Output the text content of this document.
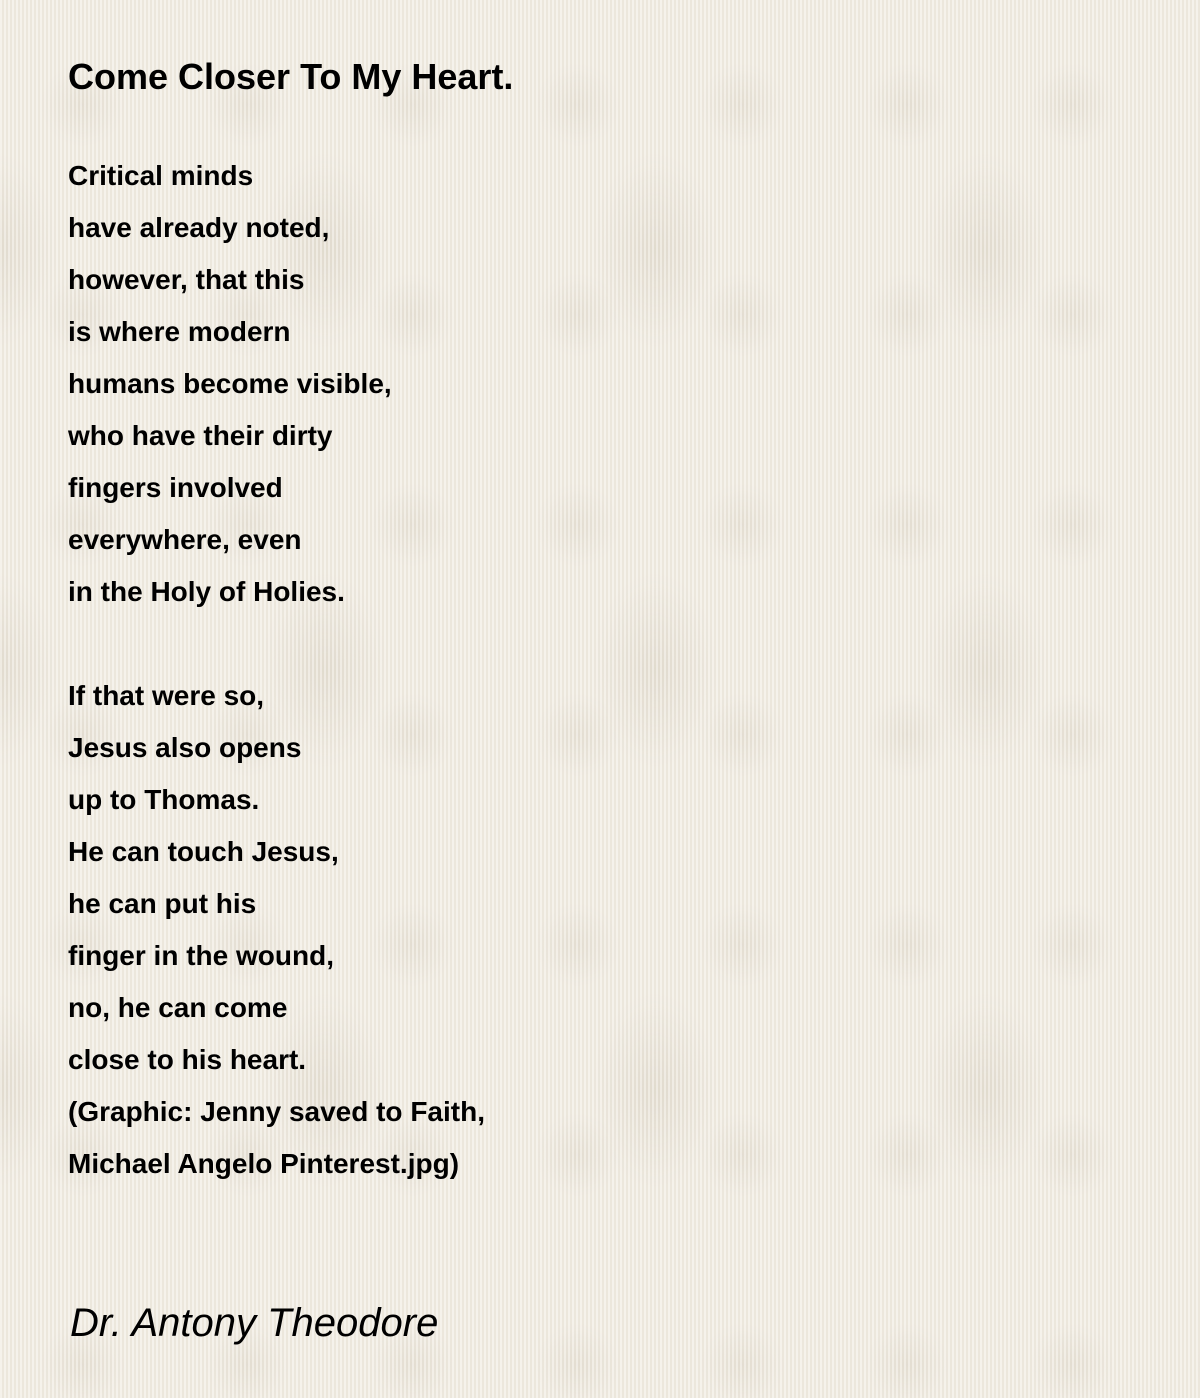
Come Closer To My Heart.
Critical minds
have already noted,
however, that this
is where modern
humans become visible,
who have their dirty
fingers involved
everywhere, even
in the Holy of Holies.
If that were so,
Jesus also opens
up to Thomas.
He can touch Jesus,
he can put his
finger in the wound,
no, he can come
close to his heart.
(Graphic: Jenny saved to Faith,
Michael Angelo Pinterest.jpg)

Dr. Antony Theodore
